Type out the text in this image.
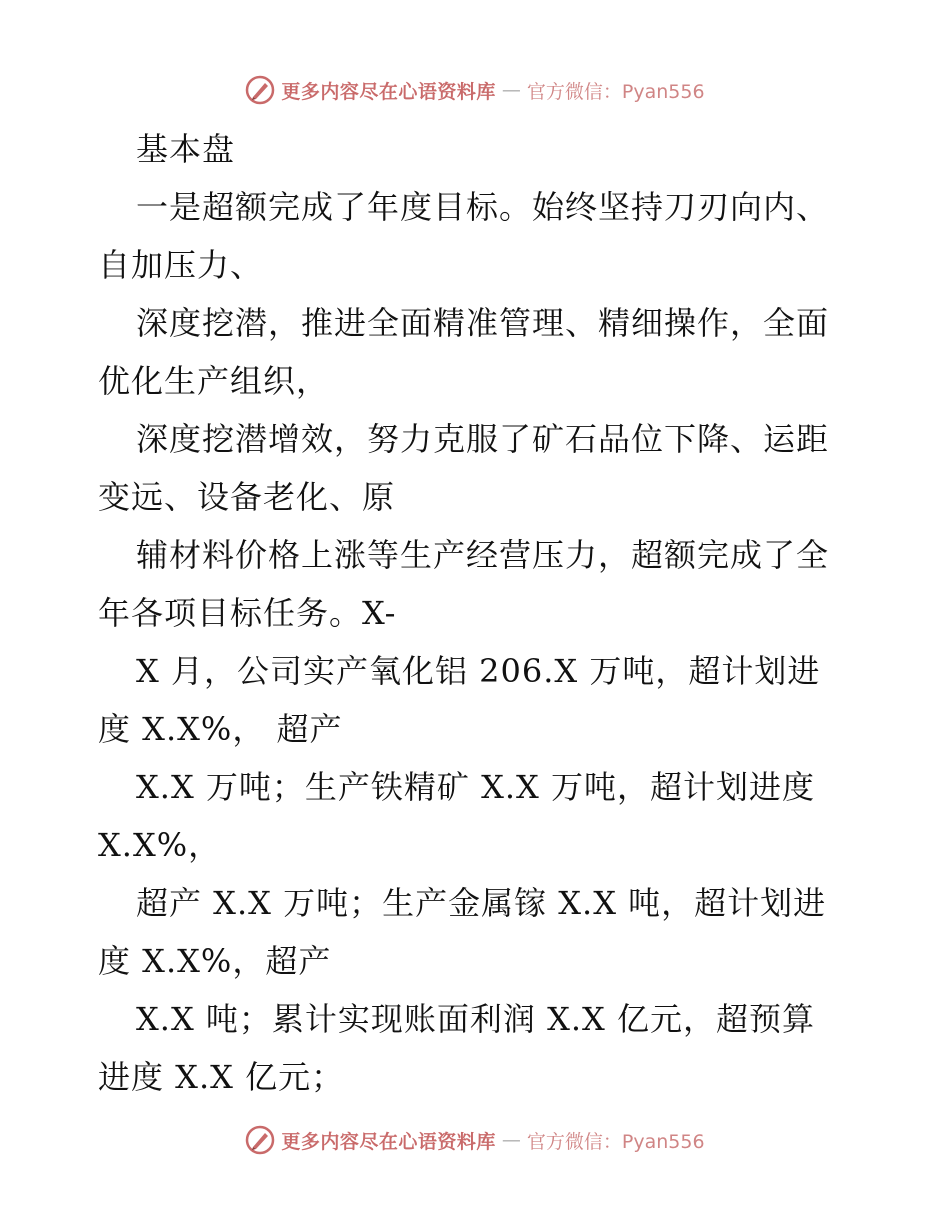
更多内容尽在心语资料库 — 官方微信：Pyan556
基本盘
一是超额完成了年度目标。始终坚持刀刃向内、
自加压力、
深度挖潜，推进全面精准管理、精细操作，全面
优化生产组织，
深度挖潜增效，努力克服了矿石品位下降、运距
变远、设备老化、原
辅材料价格上涨等生产经营压力，超额完成了全
年各项目标任务。X-
X 月，公司实产氧化铝 206.X 万吨，超计划进
度 X.X%， 超产
X.X 万吨；生产铁精矿 X.X 万吨，超计划进度
X.X%，
超产 X.X 万吨；生产金属镓 X.X 吨，超计划进
度 X.X%，超产
X.X 吨；累计实现账面利润 X.X 亿元，超预算
进度 X.X 亿元；
更多内容尽在心语资料库 — 官方微信：Pyan556
